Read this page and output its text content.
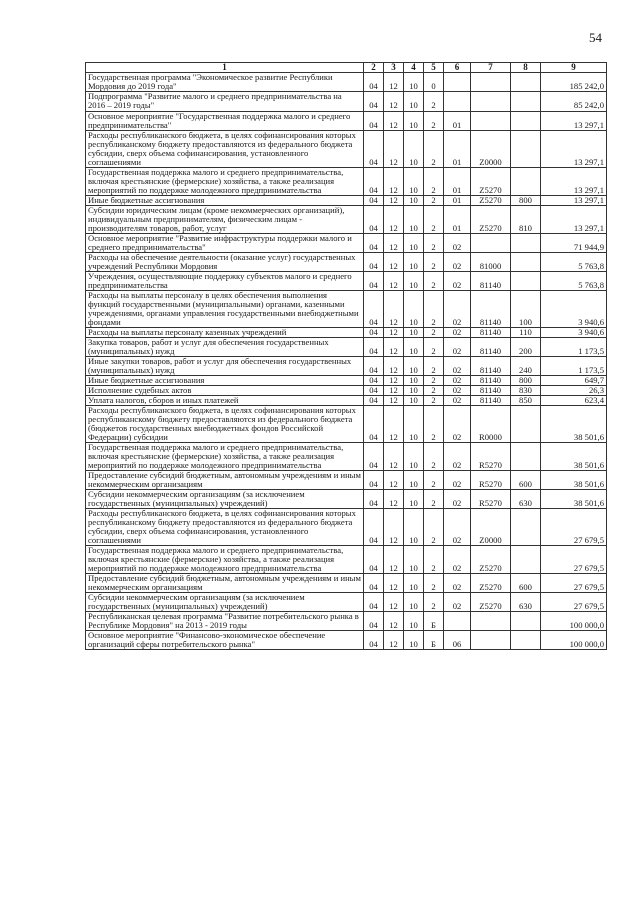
54
1	2	3	4	5	6	7	8	9
Государственная программа "Экономическое развитие Республики Мордовия до 2019 года"	04	12	10	0				185 242,0
Подпрограмма "Развитие малого и среднего предпринимательства на 2016 – 2019 годы"	04	12	10	2				85 242,0
Основное мероприятие "Государственная поддержка малого и среднего предпринимательства"	04	12	10	2	01			13 297,1
Расходы республиканского бюджета, в целях софинансирования которых республиканскому бюджету предоставляются из федерального бюджета субсидии, сверх объема софинансирования, установленного соглашениями	04	12	10	2	01	Z0000		13 297,1
Государственная поддержка малого и среднего предпринимательства, включая крестьянские (фермерские) хозяйства, а также реализация мероприятий по поддержке молодежного предпринимательства	04	12	10	2	01	Z5270		13 297,1
Иные бюджетные ассигнования	04	12	10	2	01	Z5270	800	13 297,1
Субсидии юридическим лицам (кроме некоммерческих организаций), индивидуальным предпринимателям, физическим лицам - производителям товаров, работ, услуг	04	12	10	2	01	Z5270	810	13 297,1
Основное мероприятие "Развитие инфраструктуры поддержки малого и среднего предпринимательства"	04	12	10	2	02			71 944,9
Расходы на обеспечение деятельности (оказание услуг) государственных учреждений Республики Мордовия	04	12	10	2	02	81000		5 763,8
Учреждения, осуществляющие поддержку субъектов малого и среднего предпринимательства	04	12	10	2	02	81140		5 763,8
Расходы на выплаты персоналу в целях обеспечения выполнения функций государственными (муниципальными) органами, казенными учреждениями, органами управления государственными внебюджетными фондами	04	12	10	2	02	81140	100	3 940,6
Расходы на выплаты персоналу казенных учреждений	04	12	10	2	02	81140	110	3 940,6
Закупка товаров, работ и услуг для обеспечения государственных (муниципальных) нужд	04	12	10	2	02	81140	200	1 173,5
Иные закупки товаров, работ и услуг для обеспечения государственных (муниципальных) нужд	04	12	10	2	02	81140	240	1 173,5
Иные бюджетные ассигнования	04	12	10	2	02	81140	800	649,7
Исполнение судебных актов	04	12	10	2	02	81140	830	26,3
Уплата налогов, сборов и иных платежей	04	12	10	2	02	81140	850	623,4
Расходы республиканского бюджета, в целях софинансирования которых республиканскому бюджету предоставляются из федерального бюджета (бюджетов государственных внебюджетных фондов Российской Федерации) субсидии	04	12	10	2	02	R0000		38 501,6
Государственная поддержка малого и среднего предпринимательства, включая крестьянские (фермерские) хозяйства, а также реализация мероприятий по поддержке молодежного предпринимательства	04	12	10	2	02	R5270		38 501,6
Предоставление субсидий бюджетным, автономным учреждениям и иным некоммерческим организациям	04	12	10	2	02	R5270	600	38 501,6
Субсидии некоммерческим организациям (за исключением государственных (муниципальных) учреждений)	04	12	10	2	02	R5270	630	38 501,6
Расходы республиканского бюджета, в целях софинансирования которых республиканскому бюджету предоставляются из федерального бюджета субсидии, сверх объема софинансирования, установленного соглашениями	04	12	10	2	02	Z0000		27 679,5
Государственная поддержка малого и среднего предпринимательства, включая крестьянские (фермерские) хозяйства, а также реализация мероприятий по поддержке молодежного предпринимательства	04	12	10	2	02	Z5270		27 679,5
Предоставление субсидий бюджетным, автономным учреждениям и иным некоммерческим организациям	04	12	10	2	02	Z5270	600	27 679,5
Субсидии некоммерческим организациям (за исключением государственных (муниципальных) учреждений)	04	12	10	2	02	Z5270	630	27 679,5
Республиканская целевая программа "Развитие потребительского рынка в Республике Мордовия" на 2013 - 2019 годы	04	12	10	Б				100 000,0
Основное мероприятие "Финансово-экономическое обеспечение организаций сферы потребительского рынка"	04	12	10	Б	06			100 000,0
